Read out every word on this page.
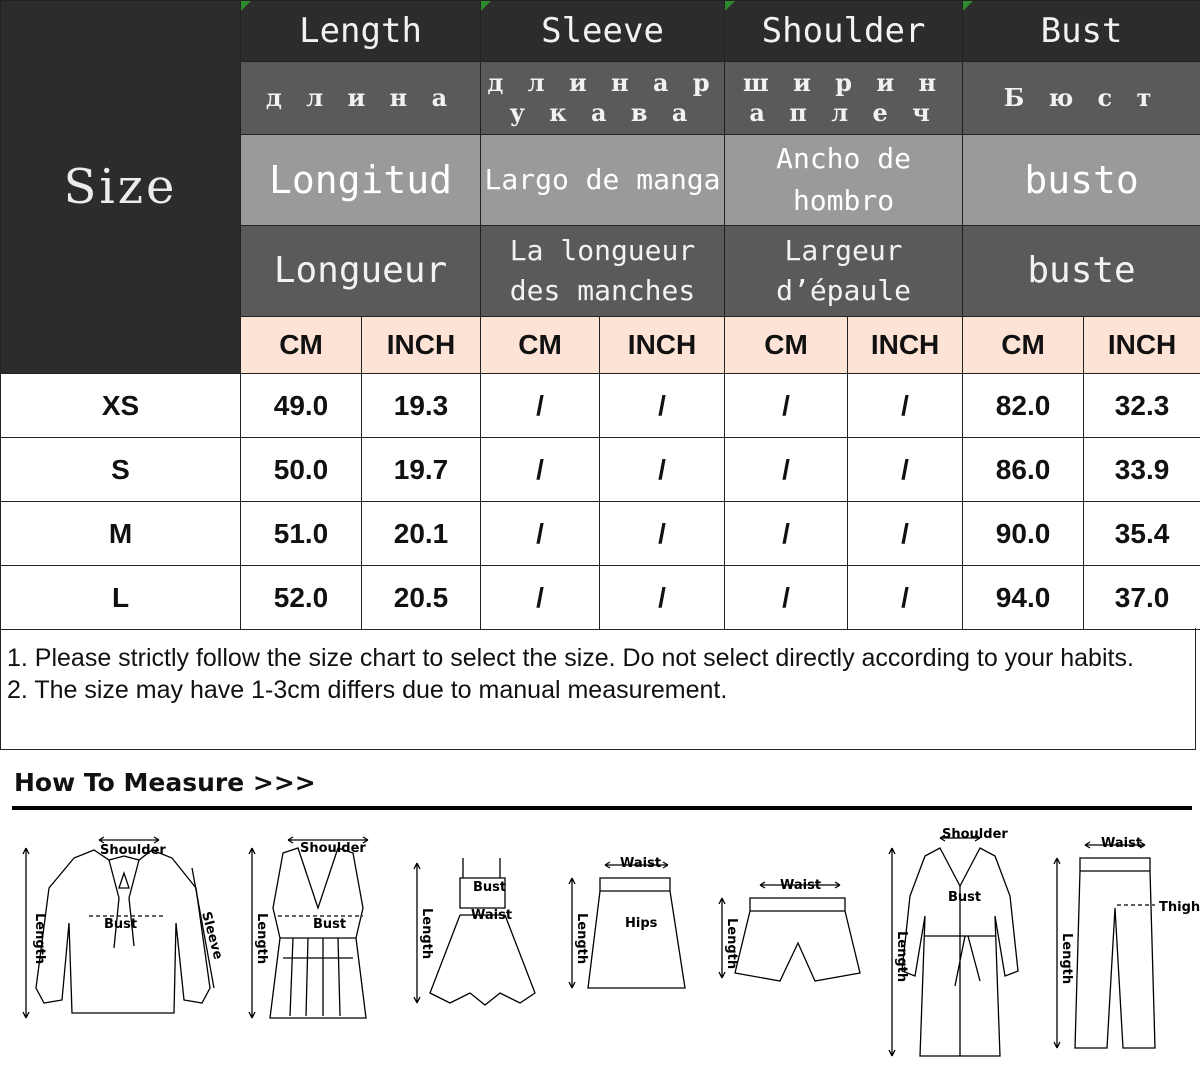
Size	Length		Sleeve		Shoulder		Bust	
	д л и н а		д л и н а р у к а в а		ш и р и н а п л е ч		Б ю с т	
	Longitud		Largo de manga		Ancho de hombro		busto	
	Longueur		La longueur des manches		Largeur d’épaule		buste	
	CM	INCH	CM	INCH	CM	INCH	CM	INCH
XS	49.0	19.3	/	/	/	/	82.0	32.3
S	50.0	19.7	/	/	/	/	86.0	33.9
M	51.0	20.1	/	/	/	/	90.0	35.4
L	52.0	20.5	/	/	/	/	94.0	37.0
1. Please strictly follow the size chart to select the size. Do not select directly according to your habits.
2. The size may have 1-3cm differs due to manual measurement.
How To Measure >>>
Shoulder
Bust
Length	Sleeve
Shoulder
Bust
Length
Bust
Waist
Length
Waist
Hips
Length
Waist
Length
Shoulder
Bust
Length
Waist
Thigh
Length
